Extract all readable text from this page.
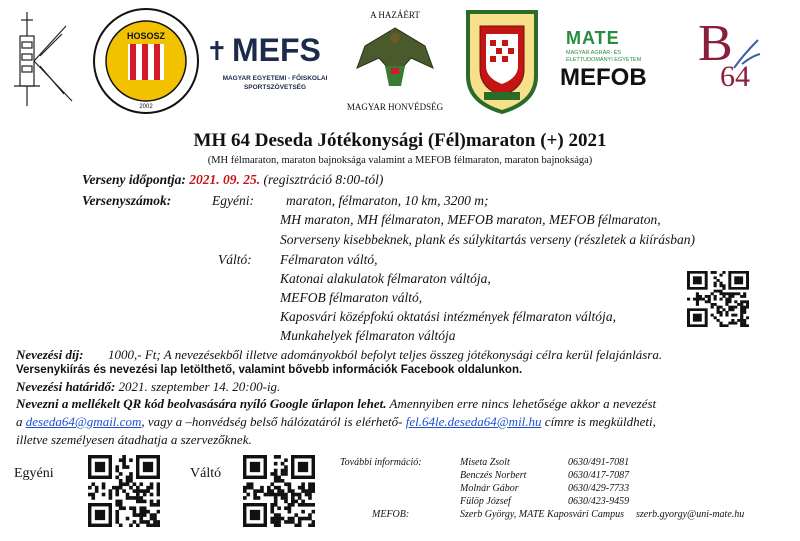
HOSOSZ
2002
✝ MEFS
MAGYAR EGYETEMI - FŐISKOLAI
SPORTSZÖVETSÉG
A HAZÁÉRT
MAGYAR HONVÉDSÉG
MATE
MAGYAR AGRÁR- ÉS
ÉLETTUDOMÁNYI EGYETEM
MEFOB
B
64
MH 64 Deseda Jótékonysági (Fél)maraton (+) 2021
(MH félmaraton, maraton bajnoksága valamint a MEFOB félmaraton, maraton bajnoksága)
Verseny időpontja: 2021. 09. 25. (regisztráció 8:00-tól)
Versenyszámok:	Egyéni: maraton, félmaraton, 10 km, 3200 m;
MH maraton, MH félmaraton, MEFOB maraton, MEFOB félmaraton,
Sorverseny kisebbeknek, plank és súlykitartás verseny (részletek a kiírásban)
Váltó: Félmaraton váltó,
Katonai alakulatok félmaraton váltója,
MEFOB félmaraton váltó,
Kaposvári középfokú oktatási intézmények félmaraton váltója,
Munkahelyek félmaraton váltója
Nevezési díj: 1000,- Ft; A nevezésekből illetve adományokból befolyt teljes összeg jótékonysági célra kerül felajánlásra.
Versenykiírás és nevezési lap letölthető, valamint bővebb információk Facebook oldalunkon.
Nevezési határidő: 2021. szeptember 14. 20:00-ig.
Nevezni a mellékelt QR kód beolvasására nyíló Google űrlapon lehet. Amennyiben erre nincs lehetősége akkor a nevezést
a deseda64@gmail.com, vagy a –honvédség belső hálózatáról is elérhető- fel.64le.deseda64@mil.hu címre is megküldheti,
illetve személyesen átadhatja a szervezőknek.
Egyéni	Váltó
További információ:	Miseta Zsolt	0630/491-7081
Benczés Norbert	0630/417-7087
Molnár Gábor	0630/429-7733
Fülöp József	0630/423-9459
MEFOB:	Szerb György, MATE Kaposvári Campus szerb.gyorgy@uni-mate.hu
